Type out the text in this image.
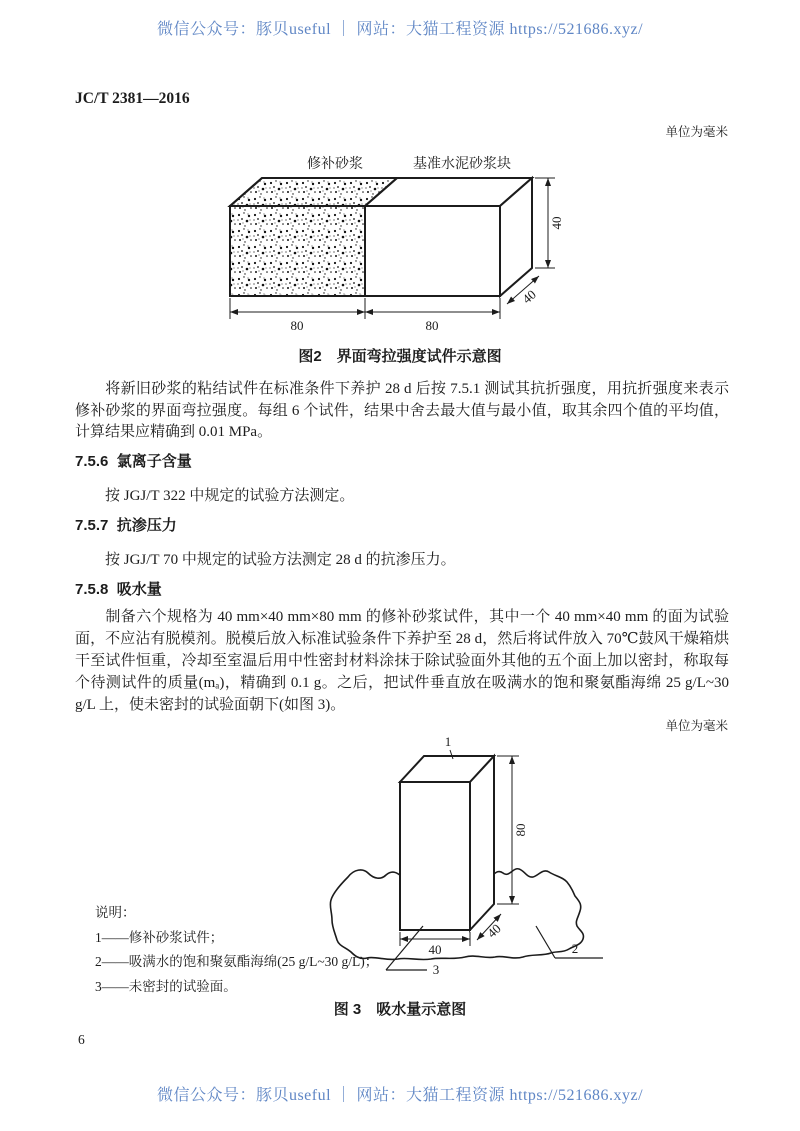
微信公众号：豚贝useful ｜ 网站：大猫工程资源 https://521686.xyz/
JC/T 2381—2016
单位为毫米
修补砂浆	基准水泥砂浆块
80	80
40
40
图2　界面弯拉强度试件示意图
将新旧砂浆的粘结试件在标准条件下养护 28 d 后按 7.5.1 测试其抗折强度，用抗折强度来表示修补砂浆的界面弯拉强度。每组 6 个试件，结果中舍去最大值与最小值，取其余四个值的平均值，计算结果应精确到 0.01 MPa。
7.5.6 氯离子含量
按 JGJ/T 322 中规定的试验方法测定。
7.5.7 抗渗压力
按 JGJ/T 70 中规定的试验方法测定 28 d 的抗渗压力。
7.5.8 吸水量
制备六个规格为 40 mm×40 mm×80 mm 的修补砂浆试件，其中一个 40 mm×40 mm 的面为试验面，不应沾有脱模剂。脱模后放入标准试验条件下养护至 28 d，然后将试件放入 70℃鼓风干燥箱烘干至试件恒重，冷却至室温后用中性密封材料涂抹于除试验面外其他的五个面上加以密封，称取每个待测试件的质量(mₐ)，精确到 0.1 g。之后，把试件垂直放在吸满水的饱和聚氨酯海绵 25 g/L~30 g/L 上，使未密封的试验面朝下(如图 3)。
单位为毫米
1
80
40
40
3
2
说明：
1——修补砂浆试件；
2——吸满水的饱和聚氨酯海绵(25 g/L~30 g/L)；
3——未密封的试验面。
图 3　吸水量示意图
6
微信公众号：豚贝useful ｜ 网站：大猫工程资源 https://521686.xyz/
